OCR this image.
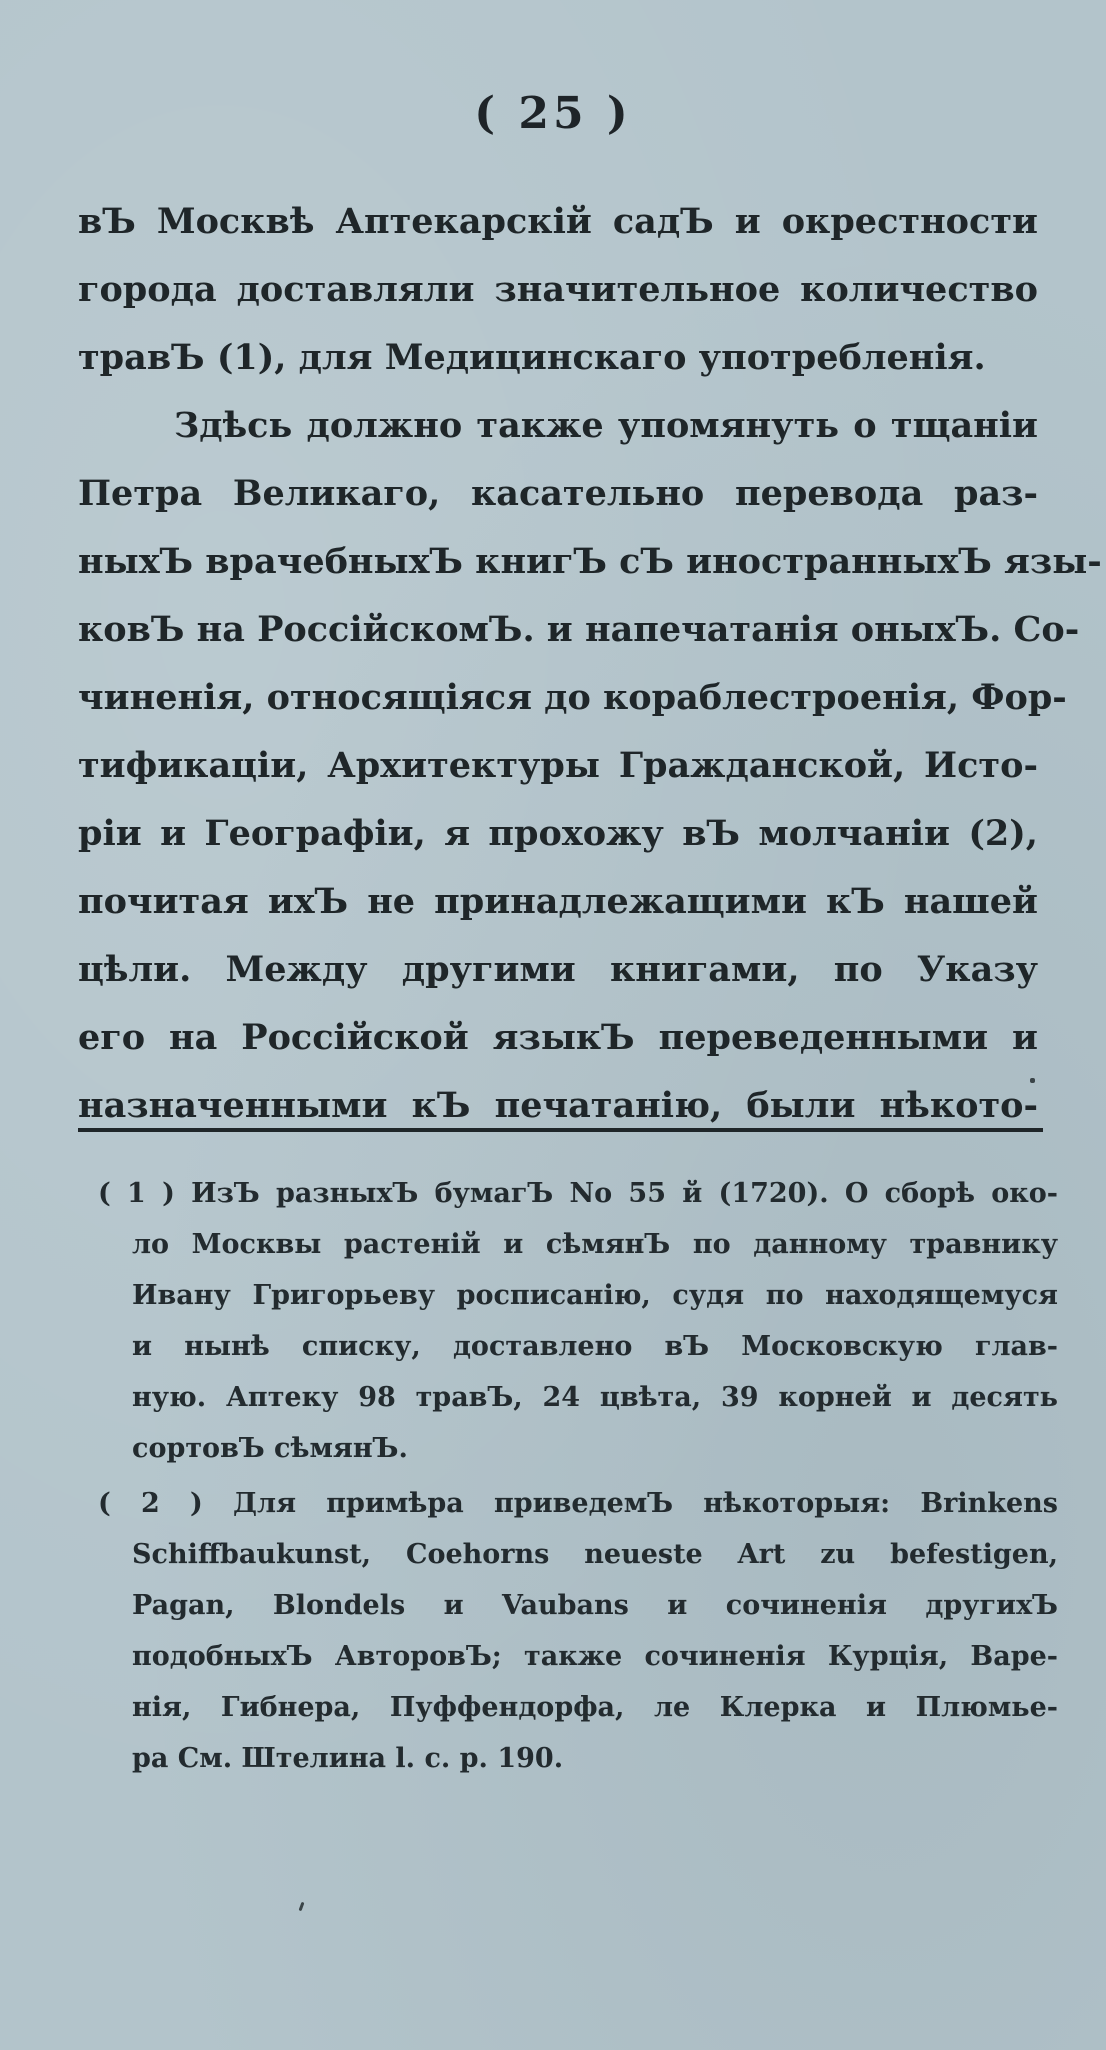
( 25 )
вЪ Москвѣ Аптекарскій садЪ и окрестности
города доставляли значительное количество
травЪ (1), для Медицинскаго употребленія.
Здѣсь должно также упомянуть о тщаніи
Петра Великаго, касательно перевода раз-
ныхЪ врачебныхЪ книгЪ сЪ иностранныхЪ язы-
ковЪ на РоссійскомЪ. и напечатанія оныхЪ. Со-
чиненія, относящіяся до кораблестроенія, Фор-
тификаціи, Архитектуры Гражданской, Исто-
ріи и Географіи, я прохожу вЪ молчаніи (2),
почитая ихЪ не принадлежащими кЪ нашей
цѣли. Между другими книгами, по Указу
его на Россійской языкЪ переведенными и
назначенными кЪ печатанію, были нѣкото-
( 1 ) ИзЪ разныхЪ бумагЪ No 55 й (1720). О сборѣ око-
ло Москвы растеній и сѣмянЪ по данному травнику
Ивану Григорьеву росписанію, судя по находящемуся
и нынѣ списку, доставлено вЪ Московскую глав-
ную. Аптеку 98 травЪ, 24 цвѣта, 39 корней и десять
сортовЪ сѣмянЪ.
( 2 ) Для примѣра приведемЪ нѣкоторыя: Brinkens
Schiffbaukunst, Coehorns neueste Art zu befestigen,
Pagan, Blondels и Vaubans и сочиненія другихЪ
подобныхЪ АвторовЪ; также сочиненія Курція, Варе-
нія, Гибнера, Пуффендорфа, ле Клерка и Плюмье-
ра См. Штелина l. c. p. 190.
